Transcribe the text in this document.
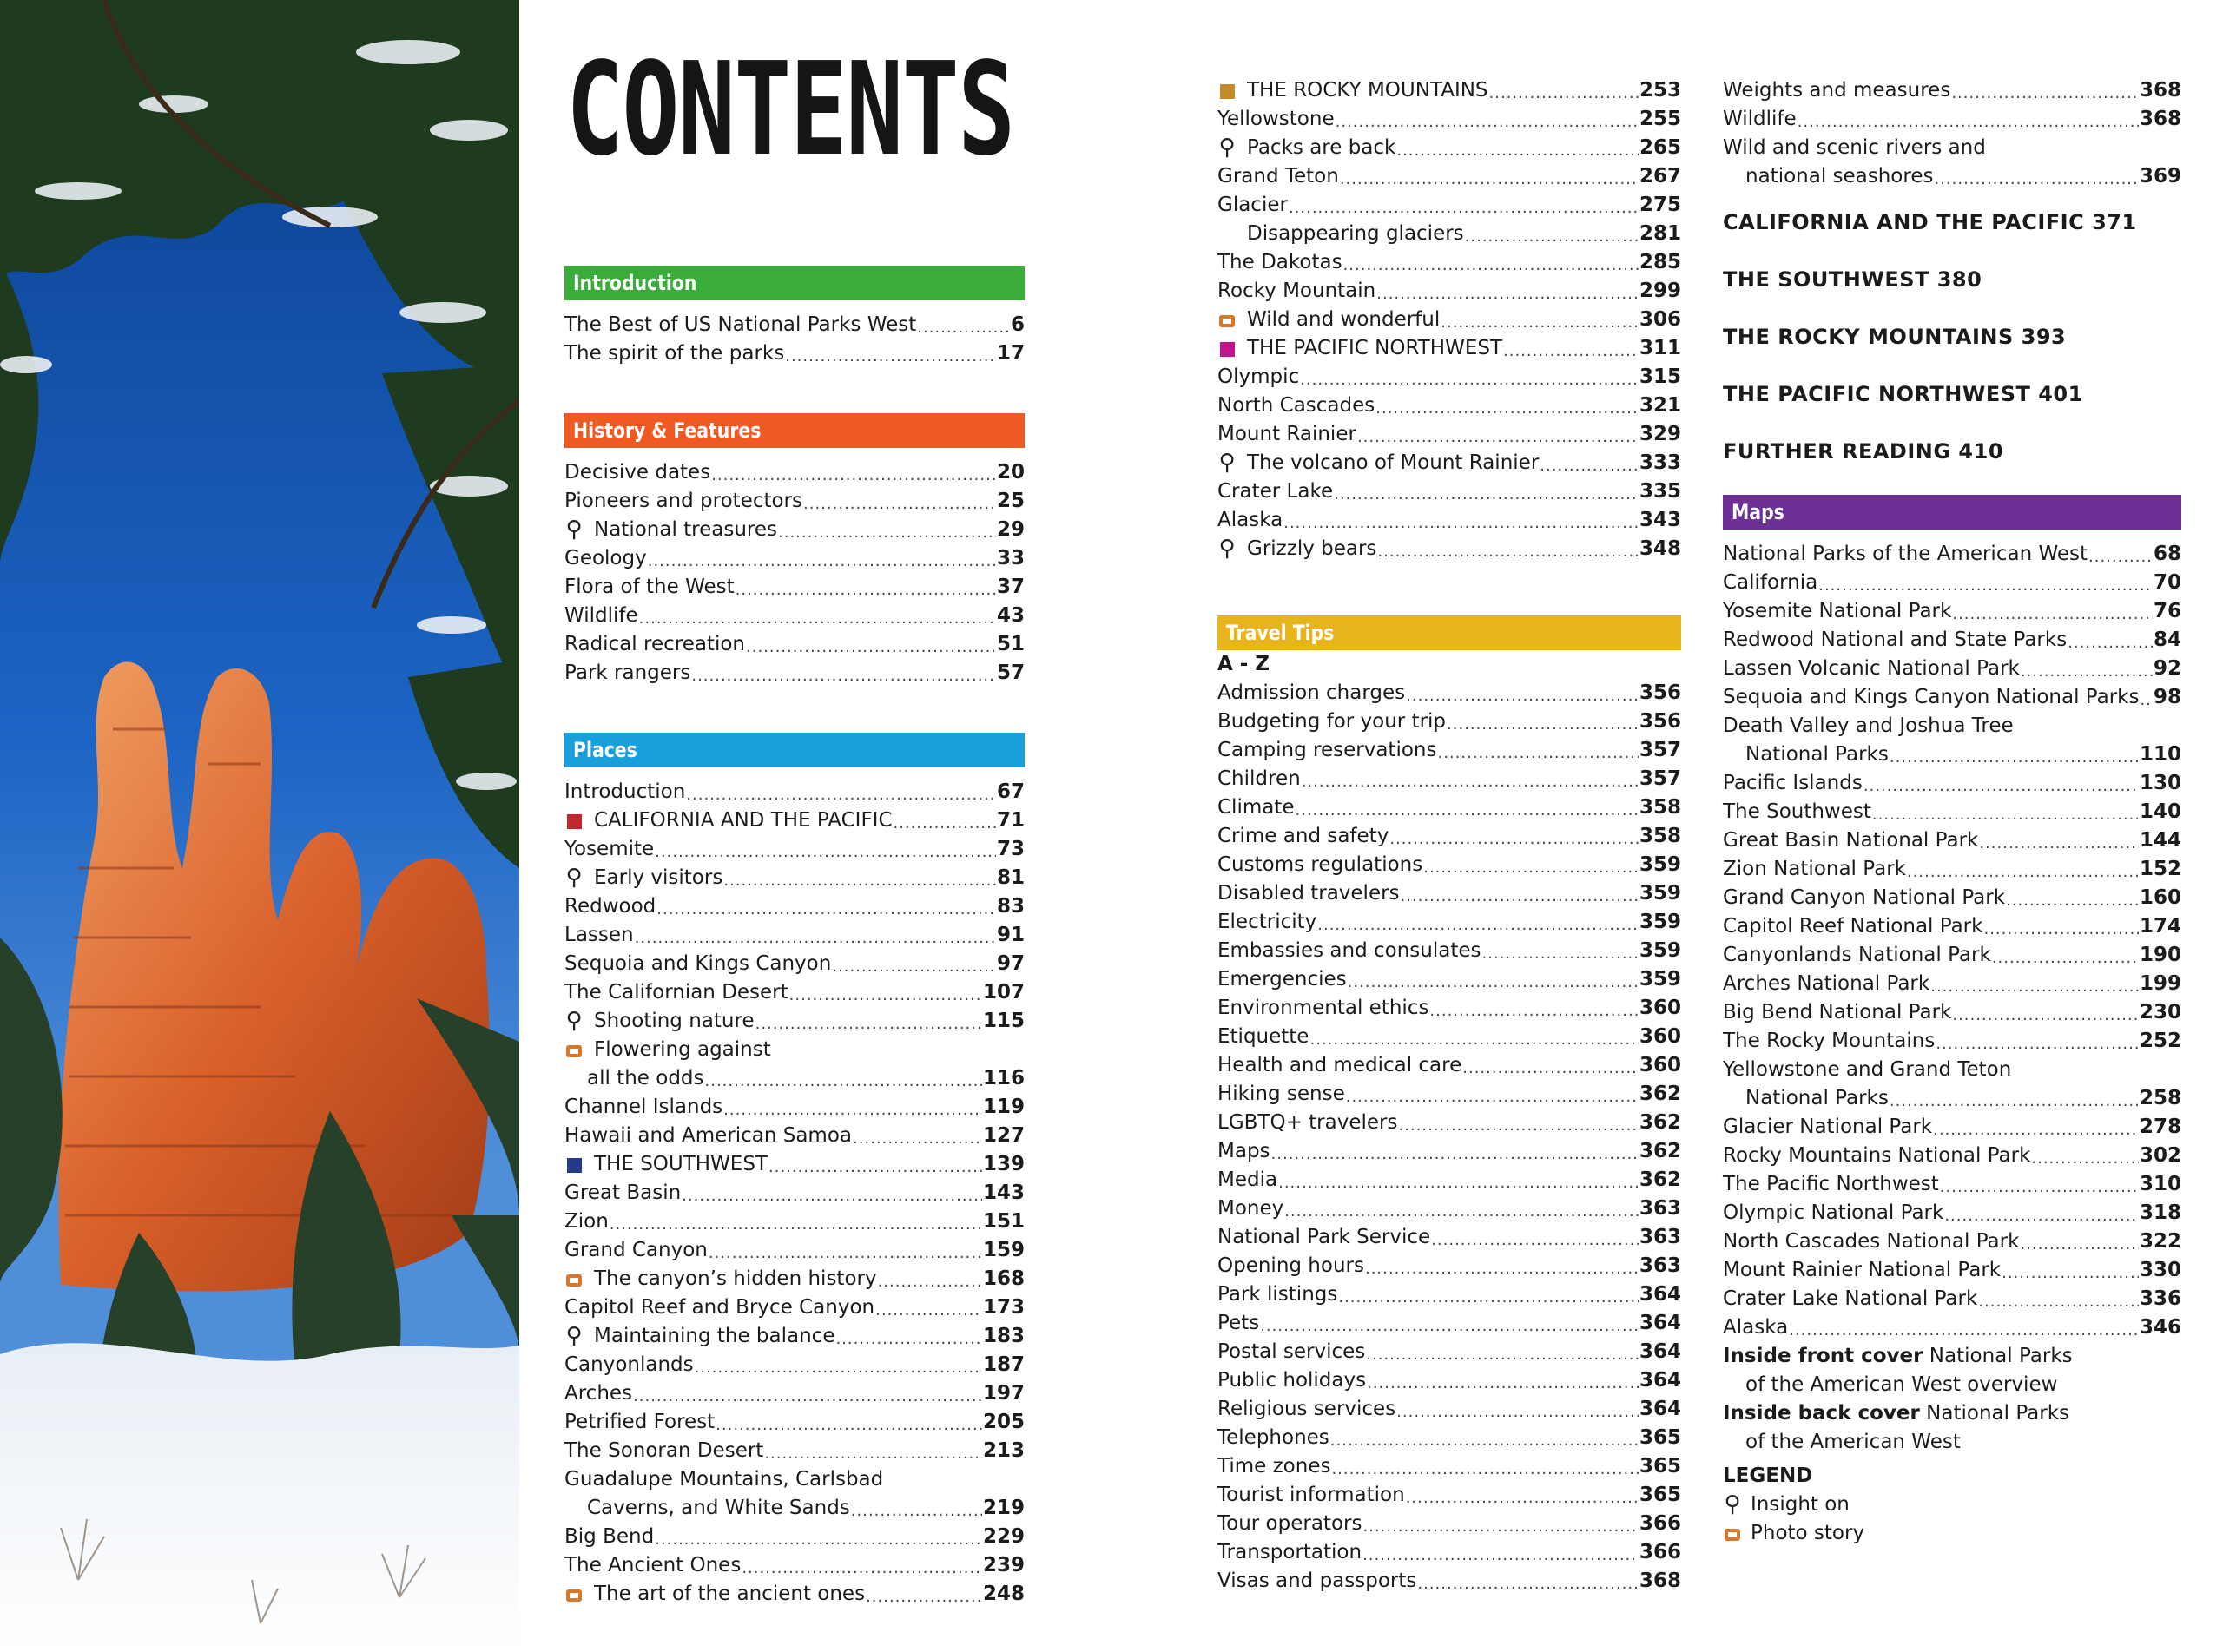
CONTENTS
Introduction
The Best of US National Parks West .....	6
The spirit of the parks .....	17
History & Features
Decisive dates .....	20
Pioneers and protectors .....	25
⚲ National treasures .....	29
Geology .....	33
Flora of the West .....	37
Wildlife .....	43
Radical recreation .....	51
Park rangers .....	57
Places
Introduction .....	67
CALIFORNIA AND THE PACIFIC .....	71
Yosemite .....	73
⚲ Early visitors .....	81
Redwood .....	83
Lassen .....	91
Sequoia and Kings Canyon .....	97
The Californian Desert .....	107
⚲ Shooting nature .....	115
Flowering against
all the odds .....	116
Channel Islands .....	119
Hawaii and American Samoa .....	127
THE SOUTHWEST .....	139
Great Basin .....	143
Zion .....	151
Grand Canyon .....	159
The canyon’s hidden history .....	168
Capitol Reef and Bryce Canyon .....	173
⚲ Maintaining the balance .....	183
Canyonlands .....	187
Arches .....	197
Petrified Forest .....	205
The Sonoran Desert .....	213
Guadalupe Mountains, Carlsbad
Caverns, and White Sands .....	219
Big Bend .....	229
The Ancient Ones .....	239
The art of the ancient ones .....	248
THE ROCKY MOUNTAINS .....	253
Yellowstone .....	255
⚲ Packs are back .....	265
Grand Teton .....	267
Glacier .....	275
Disappearing glaciers .....	281
The Dakotas .....	285
Rocky Mountain .....	299
Wild and wonderful .....	306
THE PACIFIC NORTHWEST .....	311
Olympic .....	315
North Cascades .....	321
Mount Rainier .....	329
⚲ The volcano of Mount Rainier .....	333
Crater Lake .....	335
Alaska .....	343
⚲ Grizzly bears .....	348
Travel Tips
A - Z
Admission charges .....	356
Budgeting for your trip .....	356
Camping reservations .....	357
Children .....	357
Climate .....	358
Crime and safety .....	358
Customs regulations .....	359
Disabled travelers .....	359
Electricity .....	359
Embassies and consulates .....	359
Emergencies .....	359
Environmental ethics .....	360
Etiquette .....	360
Health and medical care .....	360
Hiking sense .....	362
LGBTQ+ travelers .....	362
Maps .....	362
Media .....	362
Money .....	363
National Park Service .....	363
Opening hours .....	363
Park listings .....	364
Pets .....	364
Postal services .....	364
Public holidays .....	364
Religious services .....	364
Telephones .....	365
Time zones .....	365
Tourist information .....	365
Tour operators .....	366
Transportation .....	366
Visas and passports .....	368
Weights and measures .....	368
Wildlife .....	368
Wild and scenic rivers and
national seashores .....	369
CALIFORNIA AND THE PACIFIC 371
THE SOUTHWEST 380
THE ROCKY MOUNTAINS 393
THE PACIFIC NORTHWEST 401
FURTHER READING 410
Maps
National Parks of the American West .....	68
California .....	70
Yosemite National Park .....	76
Redwood National and State Parks .....	84
Lassen Volcanic National Park .....	92
Sequoia and Kings Canyon National Parks ..... 98
Death Valley and Joshua Tree
National Parks .....	110
Pacific Islands .....	130
The Southwest .....	140
Great Basin National Park .....	144
Zion National Park .....	152
Grand Canyon National Park .....	160
Capitol Reef National Park .....	174
Canyonlands National Park .....	190
Arches National Park .....	199
Big Bend National Park .....	230
The Rocky Mountains .....	252
Yellowstone and Grand Teton
National Parks .....	258
Glacier National Park .....	278
Rocky Mountains National Park .....	302
The Pacific Northwest .....	310
Olympic National Park .....	318
North Cascades National Park .....	322
Mount Rainier National Park .....	330
Crater Lake National Park .....	336
Alaska .....	346
Inside front cover National Parks
of the American West overview
Inside back cover National Parks
of the American West
LEGEND
⚲ Insight on
Photo story
